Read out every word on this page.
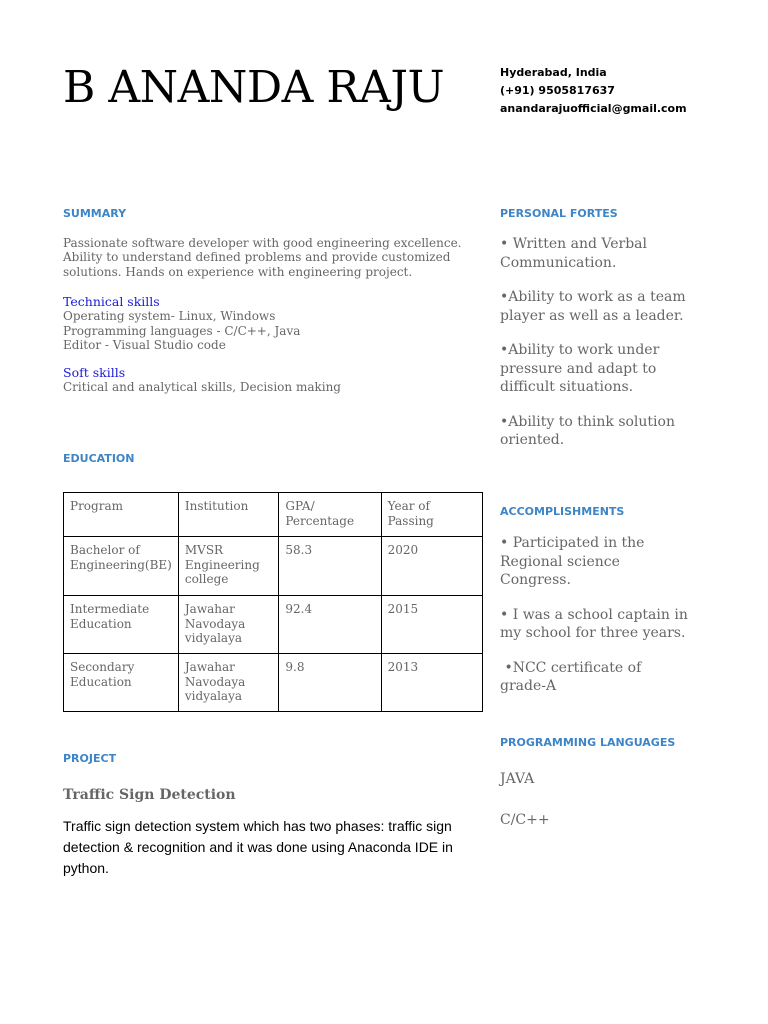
B ANANDA RAJU	Hyderabad, India
(+91) 9505817637
anandarajuofficial@gmail.com
SUMMARY
Passionate software developer with good engineering excellence. Ability to understand defined problems and provide customized solutions. Hands on experience with engineering project.
Technical skills
Operating system- Linux, Windows
Programming languages - C/C++, Java
Editor - Visual Studio code
Soft skills
Critical and analytical skills, Decision making
EDUCATION
Program	Institution	GPA/ Percentage	Year of Passing
Bachelor of Engineering(BE)	MVSR Engineering college	58.3	2020
Intermediate Education	Jawahar Navodaya vidyalaya	92.4	2015
Secondary Education	Jawahar Navodaya vidyalaya	9.8	2013
PROJECT
Traffic Sign Detection
Traffic sign detection system which has two phases: traffic sign detection & recognition and it was done using Anaconda IDE in python.
PERSONAL FORTES

• Written and Verbal Communication.

•Ability to work as a team player as well as a leader.

•Ability to work under pressure and adapt to difficult situations.

•Ability to think solution oriented.

ACCOMPLISHMENTS

• Participated in the Regional science Congress.

• I was a school captain in my school for three years.

•NCC certificate of grade-A

PROGRAMMING LANGUAGES
JAVA
C/C++
